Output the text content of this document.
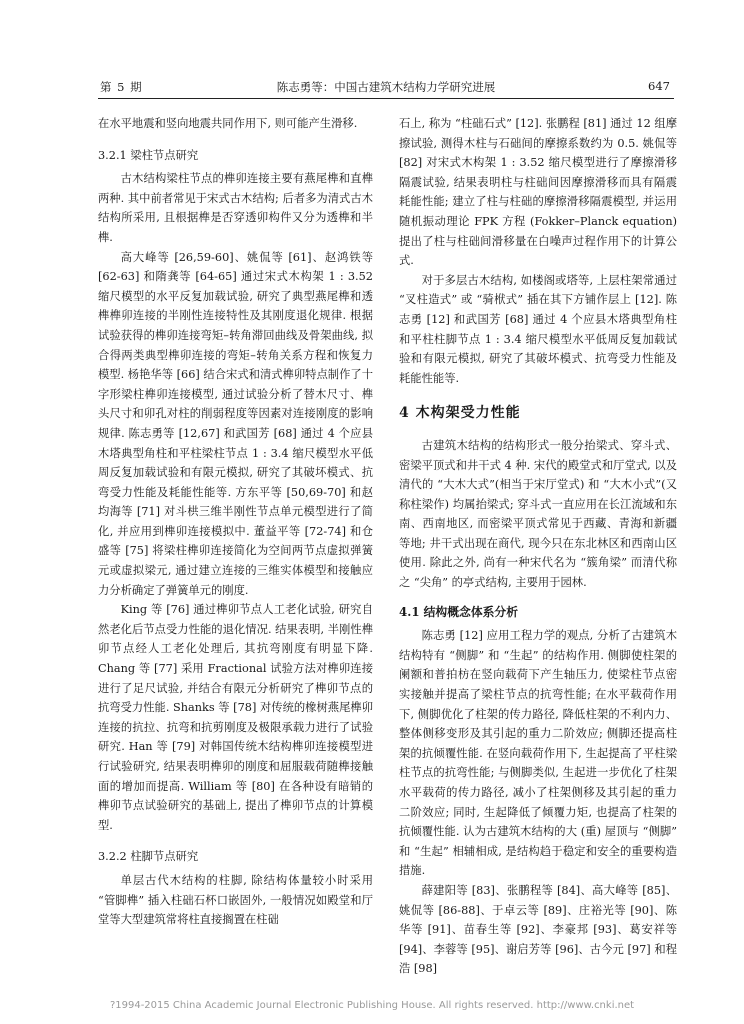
第 5 期	陈志勇等：中国古建筑木结构力学研究进展	647

在水平地震和竖向地震共同作用下, 则可能产生滑移.

3.2.1 梁柱节点研究

古木结构梁柱节点的榫卯连接主要有燕尾榫和直榫两种. 其中前者常见于宋式古木结构; 后者多为清式古木结构所采用, 且根据榫是否穿透卯构件又分为透榫和半榫.

高大峰等 [26,59-60]、姚侃等 [61]、赵鸿铁等 [62-63] 和隋龚等 [64-65] 通过宋式木构架 1 : 3.52 缩尺模型的水平反复加载试验, 研究了典型燕尾榫和透榫榫卯连接的半刚性连接特性及其刚度退化规律. 根据试验获得的榫卯连接弯矩–转角滞回曲线及骨架曲线, 拟合得两类典型榫卯连接的弯矩–转角关系方程和恢复力模型. 杨艳华等 [66] 结合宋式和清式榫卯特点制作了十字形梁柱榫卯连接模型, 通过试验分析了替木尺寸、榫头尺寸和卯孔对柱的削弱程度等因素对连接刚度的影响规律. 陈志勇等 [12,67] 和武国芳 [68] 通过 4 个应县木塔典型角柱和平柱梁柱节点 1 : 3.4 缩尺模型水平低周反复加载试验和有限元模拟, 研究了其破坏模式、抗弯受力性能及耗能性能等. 方东平等 [50,69-70] 和赵均海等 [71] 对斗栱三维半刚性节点单元模型进行了简化, 并应用到榫卯连接模拟中. 董益平等 [72-74] 和仓盛等 [75] 将梁柱榫卯连接简化为空间两节点虚拟弹簧元或虚拟梁元, 通过建立连接的三维实体模型和接触应力分析确定了弹簧单元的刚度.

King 等 [76] 通过榫卯节点人工老化试验, 研究自然老化后节点受力性能的退化情况. 结果表明, 半刚性榫卯节点经人工老化处理后, 其抗弯刚度有明显下降. Chang 等 [77] 采用 Fractional 试验方法对榫卯连接进行了足尺试验, 并结合有限元分析研究了榫卯节点的抗弯受力性能. Shanks 等 [78] 对传统的橡树燕尾榫卯连接的抗拉、抗弯和抗剪刚度及极限承载力进行了试验研究. Han 等 [79] 对韩国传统木结构榫卯连接模型进行试验研究, 结果表明榫卯的刚度和屈服载荷随榫接触面的增加而提高. William 等 [80] 在各种设有暗销的榫卯节点试验研究的基础上, 提出了榫卯节点的计算模型.

3.2.2 柱脚节点研究

单层古代木结构的柱脚, 除结构体量较小时采用 “管脚榫” 插入柱础石杯口嵌固外, 一般情况如殿堂和厅堂等大型建筑常将柱直接搁置在柱础

石上, 称为 “柱础石式” [12]. 张鹏程 [81] 通过 12 组摩擦试验, 测得木柱与石础间的摩擦系数约为 0.5. 姚侃等 [82] 对宋式木构架 1 : 3.52 缩尺模型进行了摩擦滑移隔震试验, 结果表明柱与柱础间因摩擦滑移而具有隔震耗能性能; 建立了柱与柱础的摩擦滑移隔震模型, 并运用随机振动理论 FPK 方程 (Fokker–Planck equation) 提出了柱与柱础间滑移量在白噪声过程作用下的计算公式.

对于多层古木结构, 如楼阁或塔等, 上层柱架常通过 “叉柱造式” 或 “骑栿式” 插在其下方铺作层上 [12]. 陈志勇 [12] 和武国芳 [68] 通过 4 个应县木塔典型角柱和平柱柱脚节点 1 : 3.4 缩尺模型水平低周反复加载试验和有限元模拟, 研究了其破坏模式、抗弯受力性能及耗能性能等.

4 木构架受力性能

古建筑木结构的结构形式一般分抬梁式、穿斗式、密梁平顶式和井干式 4 种. 宋代的殿堂式和厅堂式, 以及清代的 “大木大式”(相当于宋厅堂式) 和 “大木小式”(又称柱梁作) 均属抬梁式; 穿斗式一直应用在长江流域和东南、西南地区, 而密梁平顶式常见于西藏、青海和新疆等地; 井干式出现在商代, 现今只在东北林区和西南山区使用. 除此之外, 尚有一种宋代名为 “簇角梁” 而清代称之 “尖角” 的亭式结构, 主要用于园林.

4.1 结构概念体系分析

陈志勇 [12] 应用工程力学的观点, 分析了古建筑木结构特有 “侧脚” 和 “生起” 的结构作用. 侧脚使柱架的阑额和普拍枋在竖向载荷下产生轴压力, 使梁柱节点密实接触并提高了梁柱节点的抗弯性能; 在水平载荷作用下, 侧脚优化了柱架的传力路径, 降低柱架的不利内力、整体侧移变形及其引起的重力二阶效应; 侧脚还提高柱架的抗倾覆性能. 在竖向载荷作用下, 生起提高了平柱梁柱节点的抗弯性能; 与侧脚类似, 生起进一步优化了柱架水平载荷的传力路径, 减小了柱架侧移及其引起的重力二阶效应; 同时, 生起降低了倾覆力矩, 也提高了柱架的抗倾覆性能. 认为古建筑木结构的大 (重) 屋顶与 “侧脚” 和 “生起” 相辅相成, 是结构趋于稳定和安全的重要构造措施.

薛建阳等 [83]、张鹏程等 [84]、高大峰等 [85]、姚侃等 [86-88]、于卓云等 [89]、庄裕光等 [90]、陈华等 [91]、苗春生等 [92]、李豪邦 [93]、葛安祥等 [94]、李蓉等 [95]、谢启芳等 [96]、古今元 [97] 和程浩 [98]

?1994-2015 China Academic Journal Electronic Publishing House. All rights reserved. http://www.cnki.net
